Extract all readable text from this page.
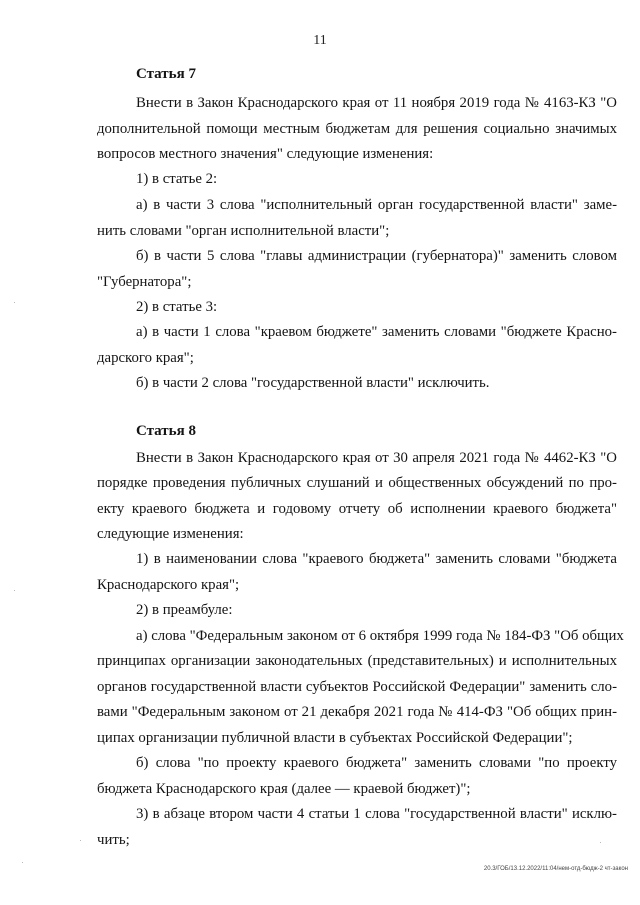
11

Статья 7

Внести в Закон Краснодарского края от 11 ноября 2019 года № 4163-КЗ "О

дополнительной помощи местным бюджетам для решения социально значимых

вопросов местного значения" следующие изменения:

1) в статье 2:

а) в части 3 слова "исполнительный орган государственной власти" заме-

нить словами "орган исполнительной власти";

б) в части 5 слова "главы администрации (губернатора)" заменить словом

"Губернатора";

2) в статье 3:

а) в части 1 слова "краевом бюджете" заменить словами "бюджете Красно-

дарского края";

б) в части 2 слова "государственной власти" исключить.

Статья 8

Внести в Закон Краснодарского края от 30 апреля 2021 года № 4462-КЗ "О

порядке проведения публичных слушаний и общественных обсуждений по про-

екту краевого бюджета и годовому отчету об исполнении краевого бюджета"

следующие изменения:

1) в наименовании слова "краевого бюджета" заменить словами "бюджета

Краснодарского края";

2) в преамбуле:

а) слова "Федеральным законом от 6 октября 1999 года № 184-ФЗ "Об общих

принципах организации законодательных (представительных) и исполнительных

органов государственной власти субъектов Российской Федерации" заменить сло-

вами "Федеральным законом от 21 декабря 2021 года № 414-ФЗ "Об общих прин-

ципах организации публичной власти в субъектах Российской Федерации";

б) слова "по проекту краевого бюджета" заменить словами "по проекту

бюджета Краснодарского края (далее — краевой бюджет)";

3) в абзаце втором части 4 статьи 1 слова "государственной власти" исклю-

чить;

20.3/ГОБ/13.12.2022/11:04/нем-отд-бюдж-2 чт-закон
